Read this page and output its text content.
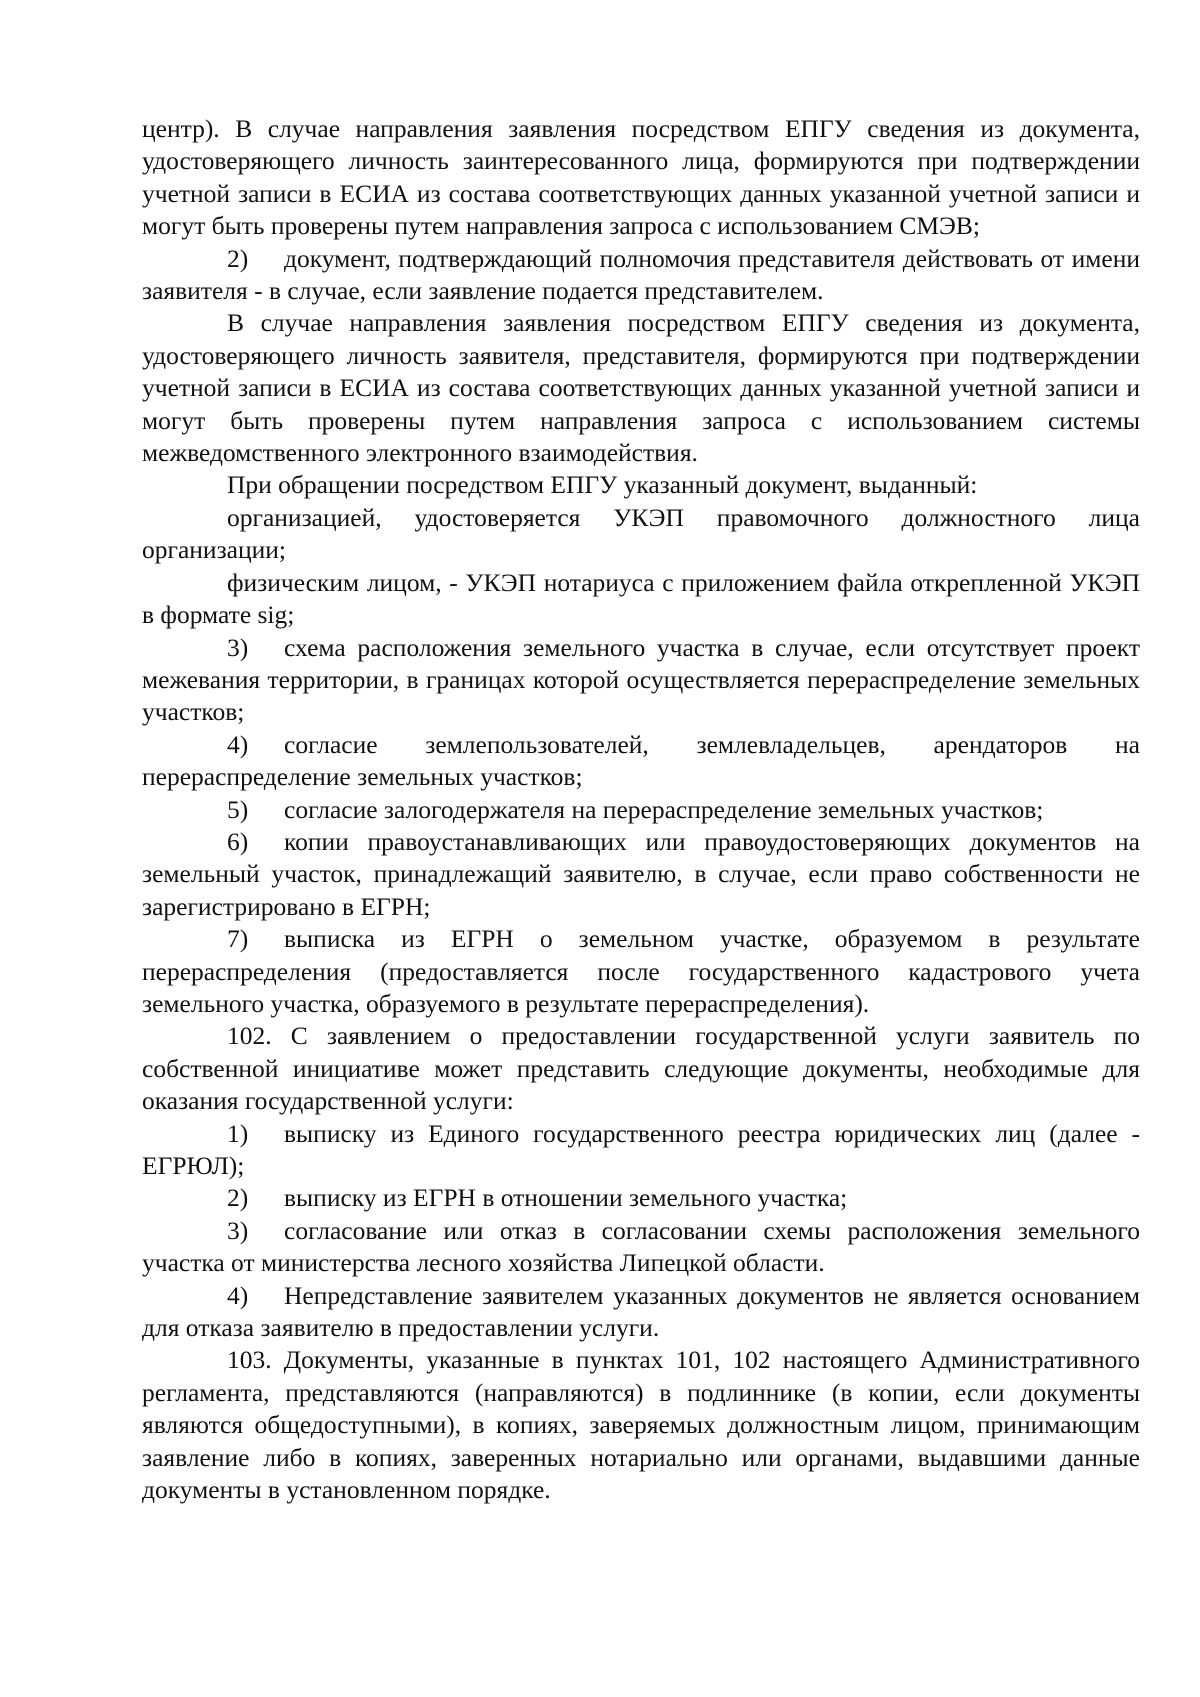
центр). В случае направления заявления посредством ЕПГУ сведения из документа, удостоверяющего личность заинтересованного лица, формируются при подтверждении учетной записи в ЕСИА из состава соответствующих данных указанной учетной записи и могут быть проверены путем направления запроса с использованием СМЭВ;

2) документ, подтверждающий полномочия представителя действовать от имени заявителя - в случае, если заявление подается представителем.

В случае направления заявления посредством ЕПГУ сведения из документа, удостоверяющего личность заявителя, представителя, формируются при подтверждении учетной записи в ЕСИА из состава соответствующих данных указанной учетной записи и могут быть проверены путем направления запроса с использованием системы межведомственного электронного взаимодействия.

При обращении посредством ЕПГУ указанный документ, выданный:

организацией, удостоверяется УКЭП правомочного должностного лица организации;

физическим лицом, - УКЭП нотариуса с приложением файла открепленной УКЭП в формате sig;

3) схема расположения земельного участка в случае, если отсутствует проект межевания территории, в границах которой осуществляется перераспределение земельных участков;

4) согласие землепользователей, землевладельцев, арендаторов на перераспределение земельных участков;

5) согласие залогодержателя на перераспределение земельных участков;

6) копии правоустанавливающих или правоудостоверяющих документов на земельный участок, принадлежащий заявителю, в случае, если право собственности не зарегистрировано в ЕГРН;

7) выписка из ЕГРН о земельном участке, образуемом в результате перераспределения (предоставляется после государственного кадастрового учета земельного участка, образуемого в результате перераспределения).

102. С заявлением о предоставлении государственной услуги заявитель по собственной инициативе может представить следующие документы, необходимые для оказания государственной услуги:

1) выписку из Единого государственного реестра юридических лиц (далее - ЕГРЮЛ);

2) выписку из ЕГРН в отношении земельного участка;

3) согласование или отказ в согласовании схемы расположения земельного участка от министерства лесного хозяйства Липецкой области.

4) Непредставление заявителем указанных документов не является основанием для отказа заявителю в предоставлении услуги.

103. Документы, указанные в пунктах 101, 102 настоящего Административного регламента, представляются (направляются) в подлиннике (в копии, если документы являются общедоступными), в копиях, заверяемых должностным лицом, принимающим заявление либо в копиях, заверенных нотариально или органами, выдавшими данные документы в установленном порядке.
